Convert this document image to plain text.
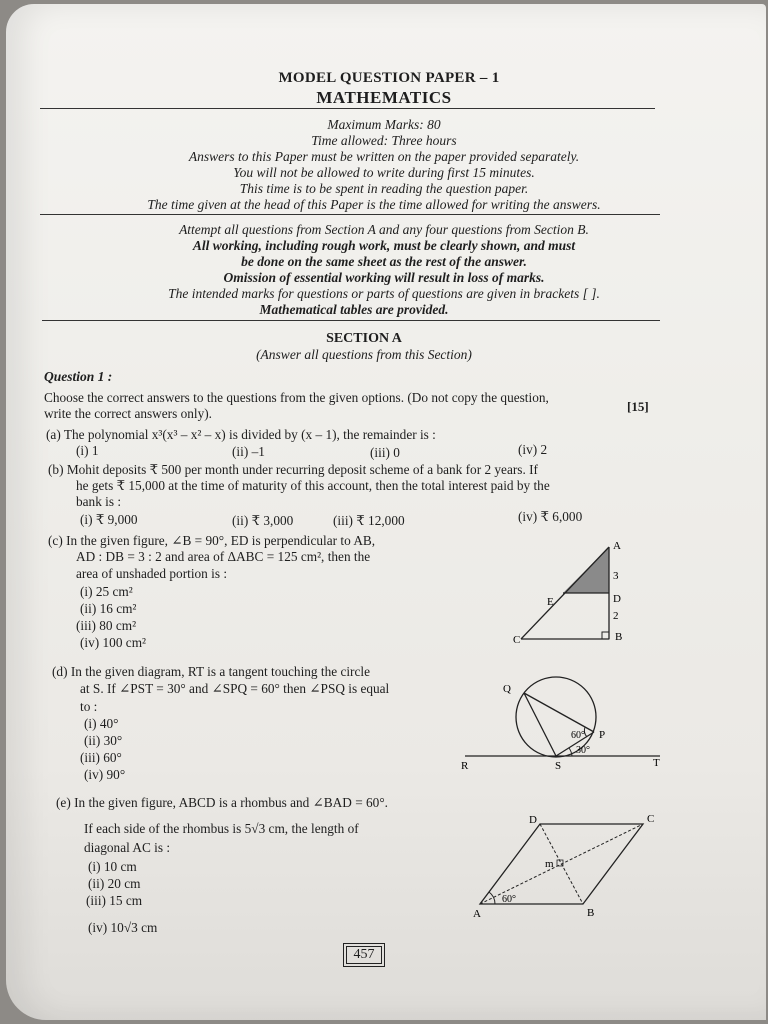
MODEL QUESTION PAPER – 1
MATHEMATICS
Maximum Marks: 80
Time allowed: Three hours
Answers to this Paper must be written on the paper provided separately.
You will not be allowed to write during first 15 minutes.
This time is to be spent in reading the question paper.
The time given at the head of this Paper is the time allowed for writing the answers.
Attempt all questions from Section A and any four questions from Section B.
All working, including rough work, must be clearly shown, and must
be done on the same sheet as the rest of the answer.
Omission of essential working will result in loss of marks.
The intended marks for questions or parts of questions are given in brackets [ ].
Mathematical tables are provided.
SECTION A
(Answer all questions from this Section)
Question 1 :
Choose the correct answers to the questions from the given options. (Do not copy the question,
write the correct answers only).	[15]
(a) The polynomial x³(x³ – x² – x) is divided by (x – 1), the remainder is :
(i) 1	(ii) –1	(iii) 0	(iv) 2
(b) Mohit deposits ₹ 500 per month under recurring deposit scheme of a bank for 2 years. If
he gets ₹ 15,000 at the time of maturity of this account, then the total interest paid by the
bank is :
(i) ₹ 9,000	(ii) ₹ 3,000	(iii) ₹ 12,000	(iv) ₹ 6,000
(c) In the given figure, ∠B = 90°, ED is perpendicular to AB,
AD : DB = 3 : 2 and area of ΔABC = 125 cm², then the
area of unshaded portion is :
(i) 25 cm²
(ii) 16 cm²
(iii) 80 cm²
(iv) 100 cm²
A
D
B
C
E
3
2
(d) In the given diagram, RT is a tangent touching the circle
at S. If ∠PST = 30° and ∠SPQ = 60° then ∠PSQ is equal
to :
(i) 40°
(ii) 30°
(iii) 60°
(iv) 90°
Q
P
60°
30°
R	S	T
(e) In the given figure, ABCD is a rhombus and ∠BAD = 60°.
If each side of the rhombus is 5√3 cm, the length of
diagonal AC is :
(i) 10 cm
(ii) 20 cm
(iii) 15 cm
(iv) 10√3 cm
60°
m
A	B
C
D
457
